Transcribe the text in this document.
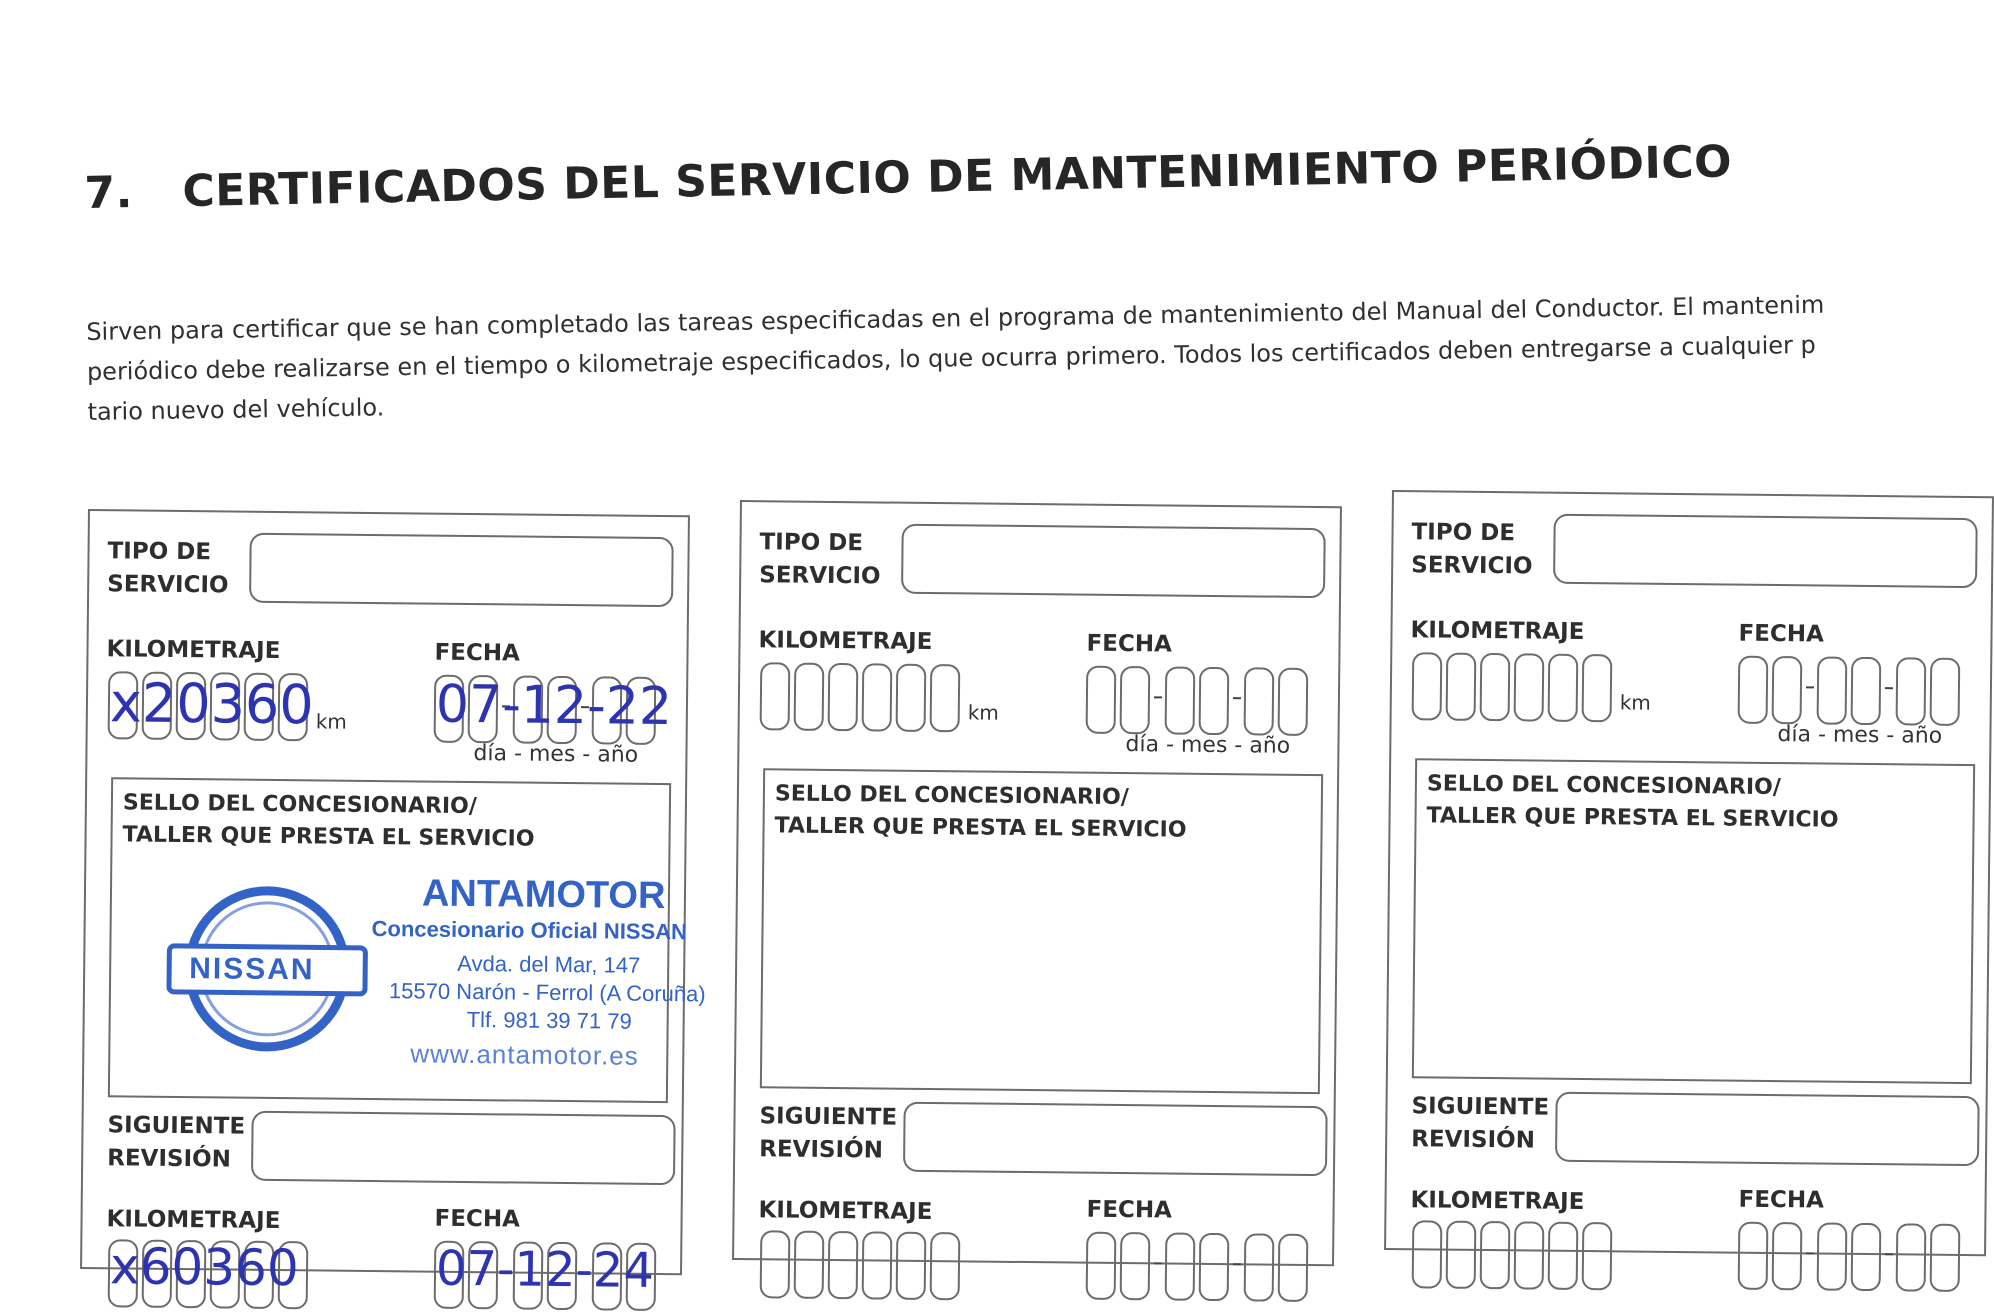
7. CERTIFICADOS DEL SERVICIO DE MANTENIMIENTO PERIÓDICO

Sirven para certificar que se han completado las tareas especificadas en el programa de mantenimiento del Manual del Conductor. El mantenim

periódico debe realizarse en el tiempo o kilometraje especificados, lo que ocurra primero. Todos los certificados deben entregarse a cualquier p

tario nuevo del vehículo.

TIPO DE
SERVICIO
KILOMETRAJE
x20360 km
FECHA
07-12-22
día - mes - año
SELLO DEL CONCESIONARIO/
TALLER QUE PRESTA EL SERVICIO
NISSAN
ANTAMOTOR
Concesionario Oficial NISSAN
Avda. del Mar, 147
15570 Narón - Ferrol (A Coruña)
Tlf. 981 39 71 79
www.antamotor.es
SIGUIENTE
REVISIÓN
KILOMETRAJE
x60360
FECHA
07-12-24
TIPO DE
SERVICIO
KILOMETRAJE
km
FECHA
día - mes - año
SELLO DEL CONCESIONARIO/
TALLER QUE PRESTA EL SERVICIO
SIGUIENTE
REVISIÓN
KILOMETRAJE	FECHA
TIPO DE
SERVICIO
KILOMETRAJE
km
FECHA
día - mes - año
SELLO DEL CONCESIONARIO/
TALLER QUE PRESTA EL SERVICIO
SIGUIENTE
REVISIÓN
KILOMETRAJE	FECHA
